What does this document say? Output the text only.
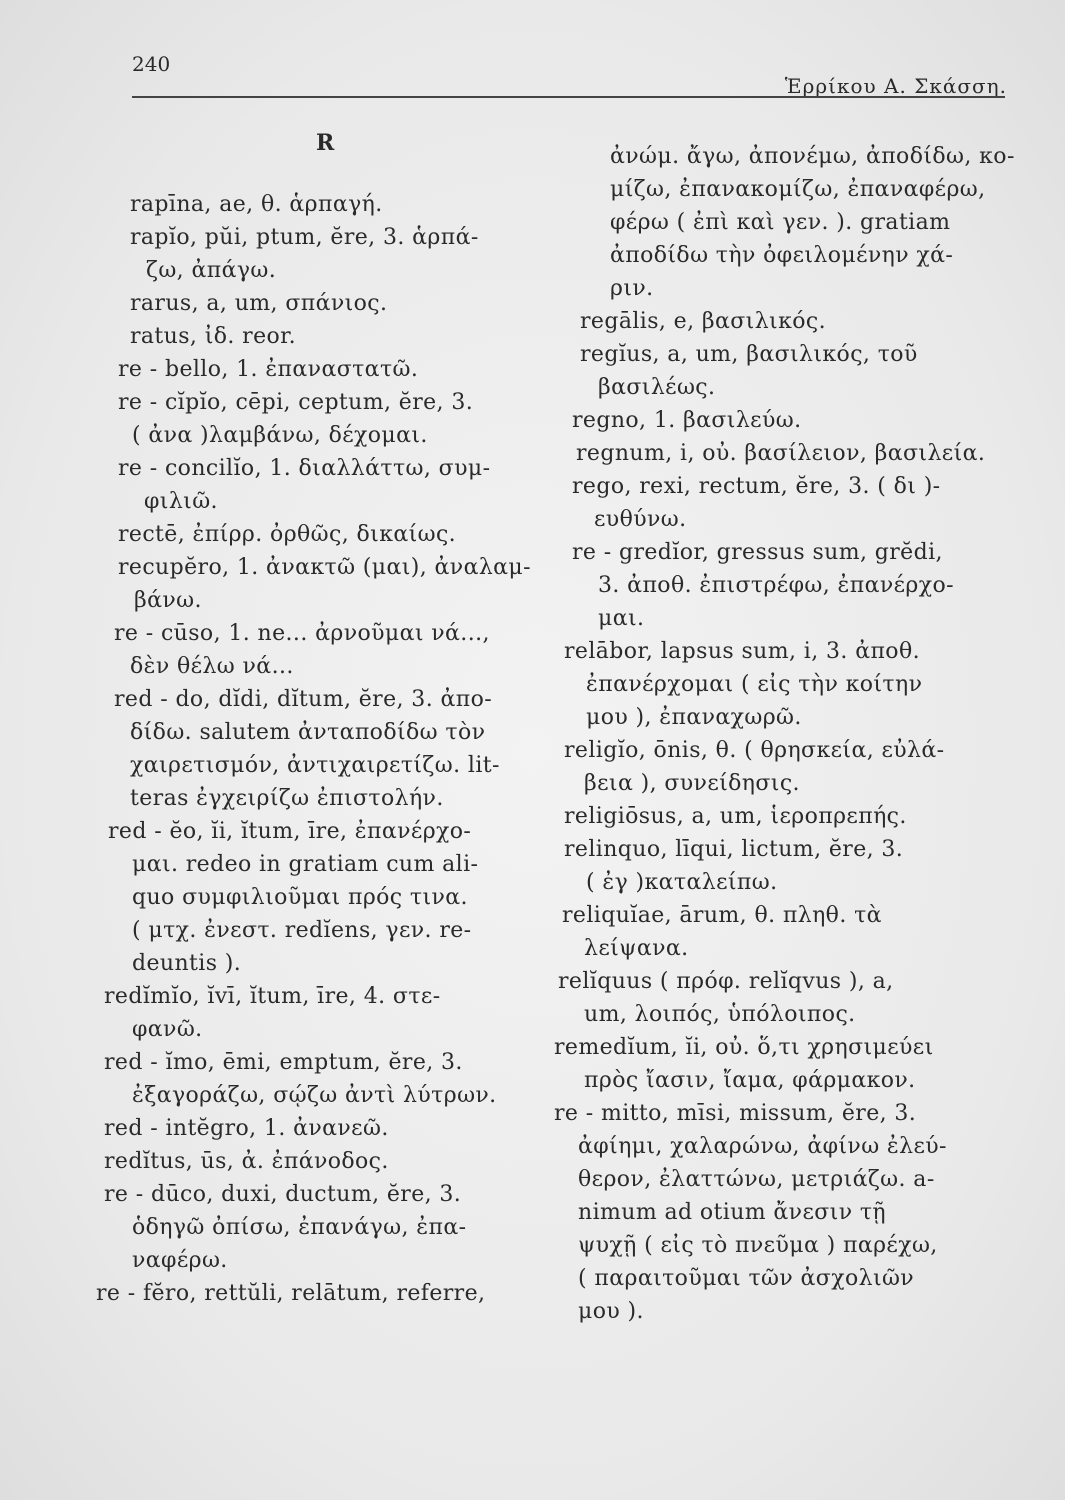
240
Ἑρρίκου Α. Σκάσση.
R
rapīna, ae, θ. ἁρπαγή.
rapĭo, pŭi, ptum, ĕre, 3. ἁρπά-
ζω, ἀπάγω.
rarus, a, um, σπάνιος.
ratus, ἰδ. reor.
re - bello, 1. ἐπαναστατῶ.
re - cĭpĭo, cēpi, ceptum, ĕre, 3.
( ἀνα )λαμβάνω, δέχομαι.
re - concilĭo, 1. διαλλάττω, συμ-
φιλιῶ.
rectē, ἐπίρρ. ὀρθῶς, δικαίως.
recupĕro, 1. ἀνακτῶ (μαι), ἀναλαμ-
βάνω.
re - cūso, 1. ne... ἀρνοῦμαι νά...,
δὲν θέλω νά...
red - do, dĭdi, dĭtum, ĕre, 3. ἀπο-
δίδω. salutem ἀνταποδίδω τὸν
χαιρετισμόν, ἀντιχαιρετίζω. lit-
teras ἐγχειρίζω ἐπιστολήν.
red - ĕo, ĭi, ĭtum, īre, ἐπανέρχο-
μαι. redeo in gratiam cum ali-
quo συμφιλιοῦμαι πρός τινα.
( μτχ. ἐνεστ. redĭens, γεν. re-
deuntis ).
redĭmĭo, ĭvī, ĭtum, īre, 4. στε-
φανῶ.
red - ĭmo, ēmi, emptum, ĕre, 3.
ἐξαγοράζω, σῴζω ἀντὶ λύτρων.
red - intĕgro, 1. ἀνανεῶ.
redĭtus, ūs, ἀ. ἐπάνοδος.
re - dūco, duxi, ductum, ĕre, 3.
ὁδηγῶ ὀπίσω, ἐπανάγω, ἐπα-
ναφέρω.
re - fĕro, rettŭli, relātum, referre,
ἀνώμ. ἄγω, ἀπονέμω, ἀποδίδω, κο-
μίζω, ἐπανακομίζω, ἐπαναφέρω,
φέρω ( ἐπὶ καὶ γεν. ). gratiam
ἀποδίδω τὴν ὀφειλομένην χά-
ριν.
regālis, e, βασιλικός.
regĭus, a, um, βασιλικός, τοῦ
βασιλέως.
regno, 1. βασιλεύω.
regnum, i, οὐ. βασίλειον, βασιλεία.
rego, rexi, rectum, ĕre, 3. ( δι )-
ευθύνω.
re - gredĭor, gressus sum, grĕdi,
3. ἀποθ. ἐπιστρέφω, ἐπανέρχο-
μαι.
relābor, lapsus sum, i, 3. ἀποθ.
ἐπανέρχομαι ( εἰς τὴν κοίτην
μου ), ἐπαναχωρῶ.
religĭo, ōnis, θ. ( θρησκεία, εὐλά-
βεια ), συνείδησις.
religiōsus, a, um, ἱεροπρεπής.
relinquo, līqui, lictum, ĕre, 3.
( ἐγ )καταλείπω.
reliquĭae, ārum, θ. πληθ. τὰ
λείψανα.
relĭquus ( πρόφ. relĭqvus ), a,
um, λοιπός, ὑπόλοιπος.
remedĭum, ĭi, οὐ. ὅ,τι χρησιμεύει
πρὸς ἴασιν, ἴαμα, φάρμακον.
re - mitto, mīsi, missum, ĕre, 3.
ἀφίημι, χαλαρώνω, ἀφίνω ἐλεύ-
θερον, ἐλαττώνω, μετριάζω. a-
nimum ad otium ἄνεσιν τῇ
ψυχῇ ( εἰς τὸ πνεῦμα ) παρέχω,
( παραιτοῦμαι τῶν ἀσχολιῶν
μου ).
